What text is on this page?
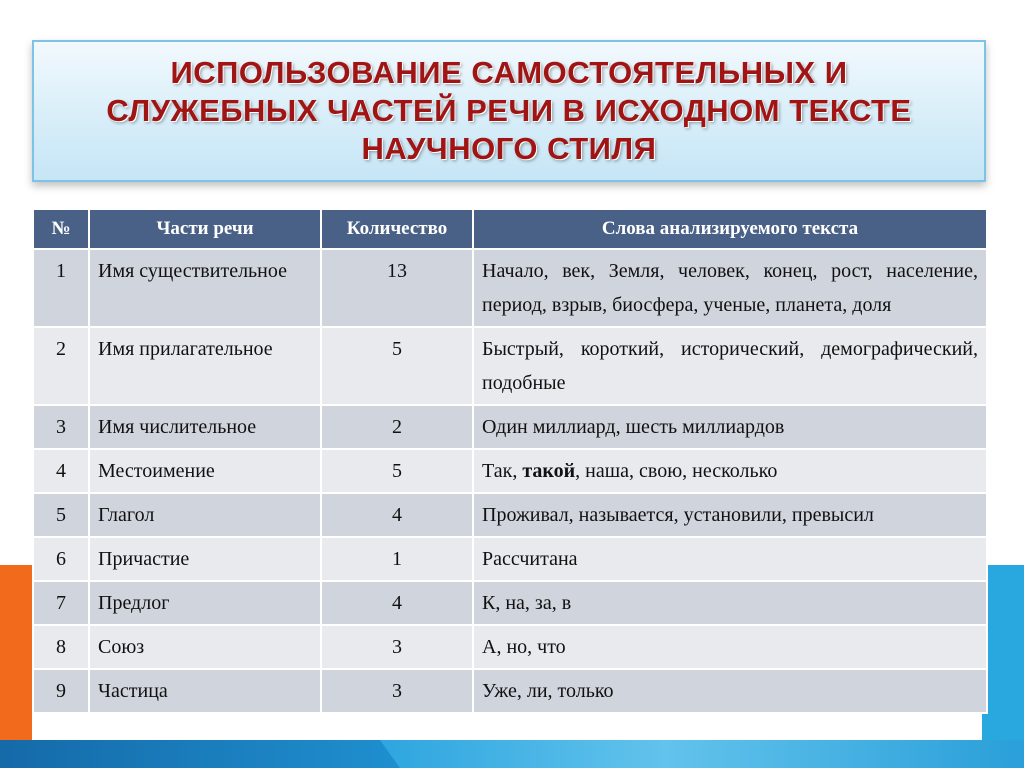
ИСПОЛЬЗОВАНИЕ САМОСТОЯТЕЛЬНЫХ И СЛУЖЕБНЫХ ЧАСТЕЙ РЕЧИ В ИСХОДНОМ ТЕКСТЕ НАУЧНОГО СТИЛЯ
№	Части речи	Количество	Слова анализируемого текста
1	Имя существительное	13	Начало, век, Земля, человек, конец, рост, население, период, взрыв, биосфера, ученые, планета, доля
2	Имя прилагательное	5	Быстрый, короткий, исторический, демографический, подобные
3	Имя числительное	2	Один миллиард, шесть миллиардов
4	Местоимение	5	Так, такой, наша, свою, несколько
5	Глагол	4	Проживал, называется, установили, превысил
6	Причастие	1	Рассчитана
7	Предлог	4	К, на, за, в
8	Союз	3	А, но, что
9	Частица	3	Уже, ли, только
